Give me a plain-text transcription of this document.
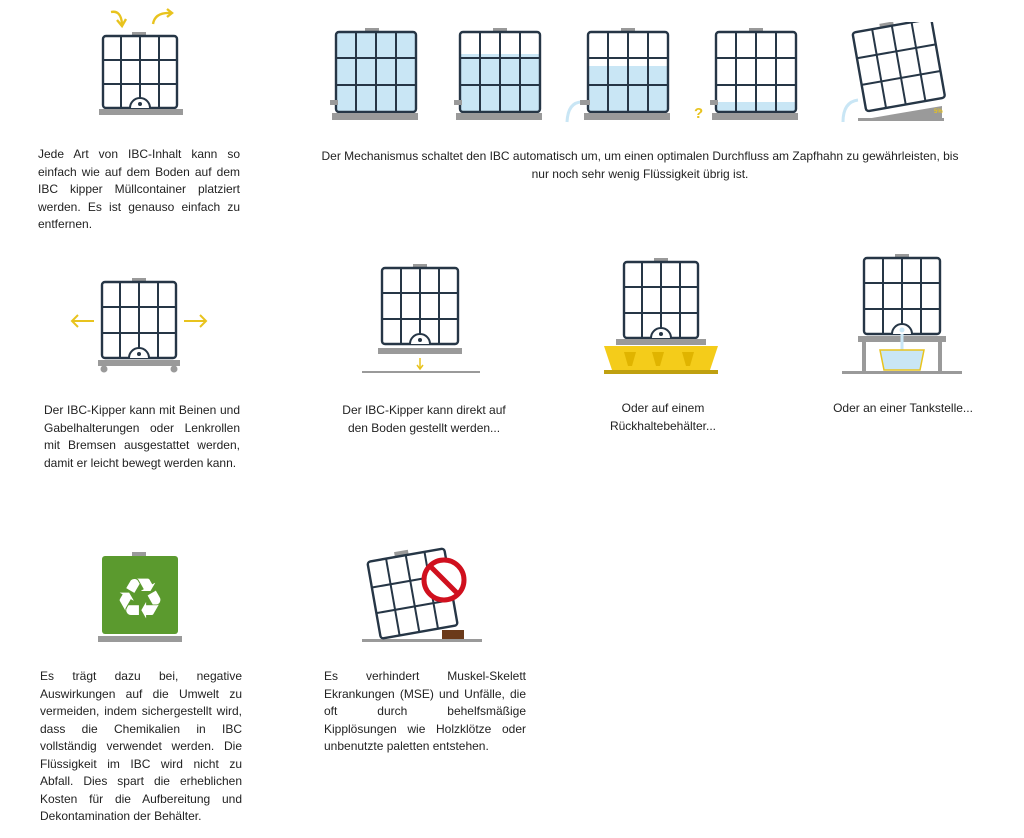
?	5%
Jede Art von IBC-Inhalt kann so einfach wie auf dem Boden auf dem IBC kipper Müllcontainer platziert werden. Es ist genauso einfach zu entfernen.
Der Mechanismus schaltet den IBC automatisch um, um einen optimalen Durchfluss am Zapfhahn zu gewährleisten, bis
nur noch sehr wenig Flüssigkeit übrig ist.
Der IBC-Kipper kann mit Beinen und Gabelhalterungen oder Lenkrollen mit Bremsen ausgestattet werden, damit er leicht bewegt werden kann.
Der IBC-Kipper kann direkt auf
den Boden gestellt werden...
Oder auf einem
Rückhaltebehälter...
Oder an einer Tankstelle...
♻
Es trägt dazu bei, negative Auswirkungen auf die Umwelt zu vermeiden, indem sichergestellt wird, dass die Chemikalien in IBC vollständig verwendet werden. Die Flüssigkeit im IBC wird nicht zu Abfall. Dies spart die erheblichen Kosten für die Aufbereitung und Dekontamination der Behälter.
Es verhindert Muskel-Skelett Ekrankungen (MSE) und Unfälle, die oft durch behelfsmäßige Kipplösungen wie Holzklötze oder unbenutzte paletten entstehen.
